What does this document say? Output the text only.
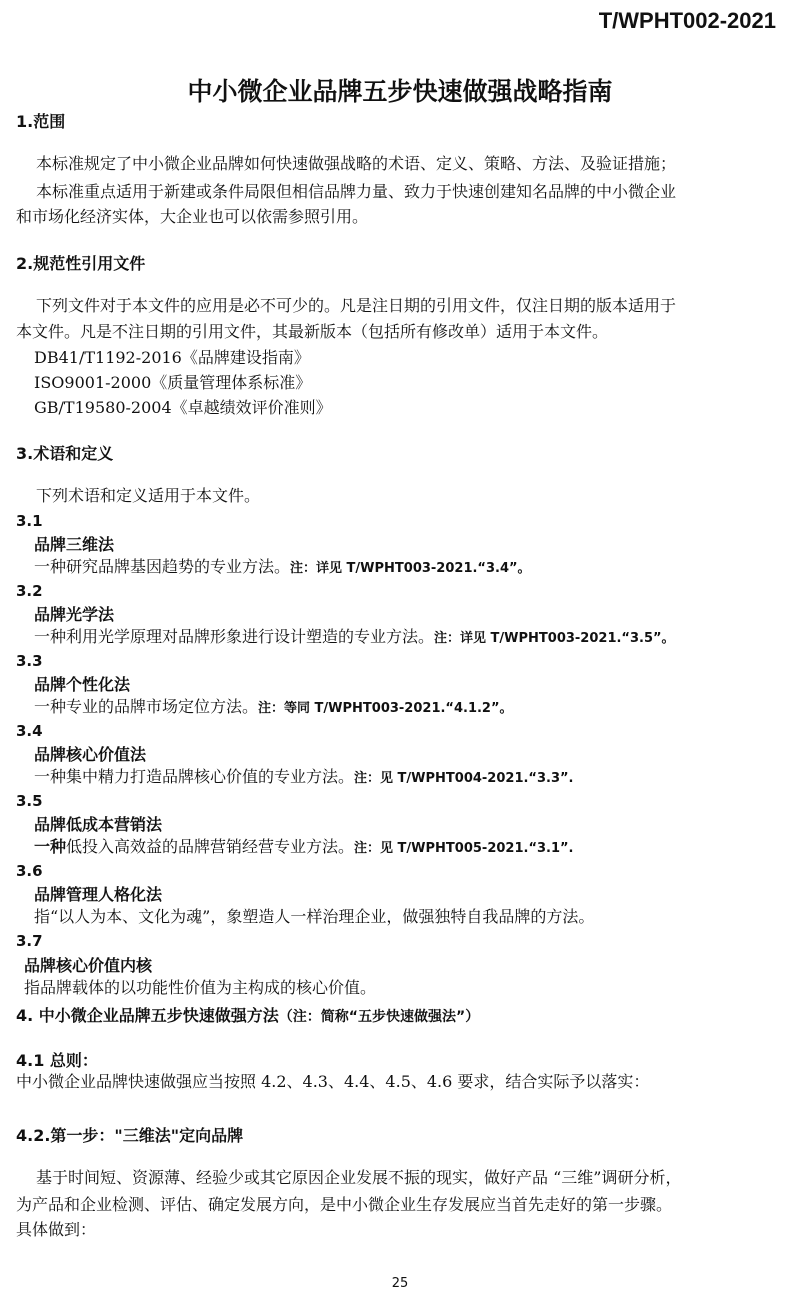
T/WPHT002-2021
中小微企业品牌五步快速做强战略指南
1.范围
本标准规定了中小微企业品牌如何快速做强战略的术语、定义、策略、方法、及验证措施；
本标准重点适用于新建或条件局限但相信品牌力量、致力于快速创建知名品牌的中小微企业
和市场化经济实体，大企业也可以依需参照引用。
2.规范性引用文件
下列文件对于本文件的应用是必不可少的。凡是注日期的引用文件，仅注日期的版本适用于
本文件。凡是不注日期的引用文件，其最新版本（包括所有修改单）适用于本文件。
DB41/T1192-2016《品牌建设指南》
ISO9001-2000《质量管理体系标准》
GB/T19580-2004《卓越绩效评价准则》
3.术语和定义
下列术语和定义适用于本文件。
3.1
品牌三维法
一种研究品牌基因趋势的专业方法。注：详见 T/WPHT003-2021.“3.4”。
3.2
品牌光学法
一种利用光学原理对品牌形象进行设计塑造的专业方法。注：详见 T/WPHT003-2021.“3.5”。
3.3
品牌个性化法
一种专业的品牌市场定位方法。注：等同 T/WPHT003-2021.“4.1.2”。
3.4
品牌核心价值法
一种集中精力打造品牌核心价值的专业方法。注：见 T/WPHT004-2021.“3.3”.
3.5
品牌低成本营销法
一种低投入高效益的品牌营销经营专业方法。注：见 T/WPHT005-2021.“3.1”.
3.6
品牌管理人格化法
指“以人为本、文化为魂”，象塑造人一样治理企业，做强独特自我品牌的方法。
3.7
品牌核心价值内核
指品牌载体的以功能性价值为主构成的核心价值。
4. 中小微企业品牌五步快速做强方法（注：简称“五步快速做强法”）
4.1 总则：
中小微企业品牌快速做强应当按照 4.2、4.3、4.4、4.5、4.6 要求，结合实际予以落实：
4.2.第一步："三维法"定向品牌
基于时间短、资源薄、经验少或其它原因企业发展不振的现实，做好产品 “三维”调研分析，
为产品和企业检测、评估、确定发展方向，是中小微企业生存发展应当首先走好的第一步骤。
具体做到：
25
